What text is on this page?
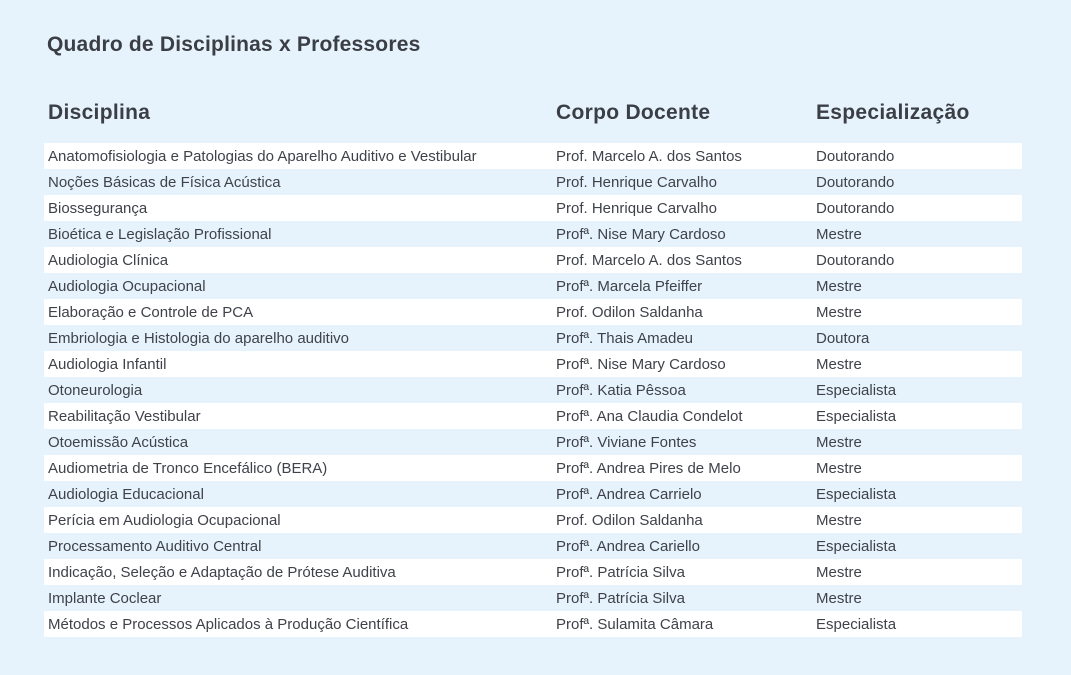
Quadro de Disciplinas x Professores
Disciplina	Corpo Docente	Especialização
Anatomofisiologia e Patologias do Aparelho Auditivo e Vestibular	Prof. Marcelo A. dos Santos	Doutorando
Noções Básicas de Física Acústica	Prof. Henrique Carvalho	Doutorando
Biossegurança	Prof. Henrique Carvalho	Doutorando
Bioética e Legislação Profissional	Profª. Nise Mary Cardoso	Mestre
Audiologia Clínica	Prof. Marcelo A. dos Santos	Doutorando
Audiologia Ocupacional	Profª. Marcela Pfeiffer	Mestre
Elaboração e Controle de PCA	Prof. Odilon Saldanha	Mestre
Embriologia e Histologia do aparelho auditivo	Profª. Thais Amadeu	Doutora
Audiologia Infantil	Profª. Nise Mary Cardoso	Mestre
Otoneurologia	Profª. Katia Pêssoa	Especialista
Reabilitação Vestibular	Profª. Ana Claudia Condelot	Especialista
Otoemissão Acústica	Profª. Viviane Fontes	Mestre
Audiometria de Tronco Encefálico (BERA)	Profª. Andrea Pires de Melo	Mestre
Audiologia Educacional	Profª. Andrea Carrielo	Especialista
Perícia em Audiologia Ocupacional	Prof. Odilon Saldanha	Mestre
Processamento Auditivo Central	Profª. Andrea Cariello	Especialista
Indicação, Seleção e Adaptação de Prótese Auditiva	Profª. Patrícia Silva	Mestre
Implante Coclear	Profª. Patrícia Silva	Mestre
Métodos e Processos Aplicados à Produção Científica	Profª. Sulamita Câmara	Especialista
